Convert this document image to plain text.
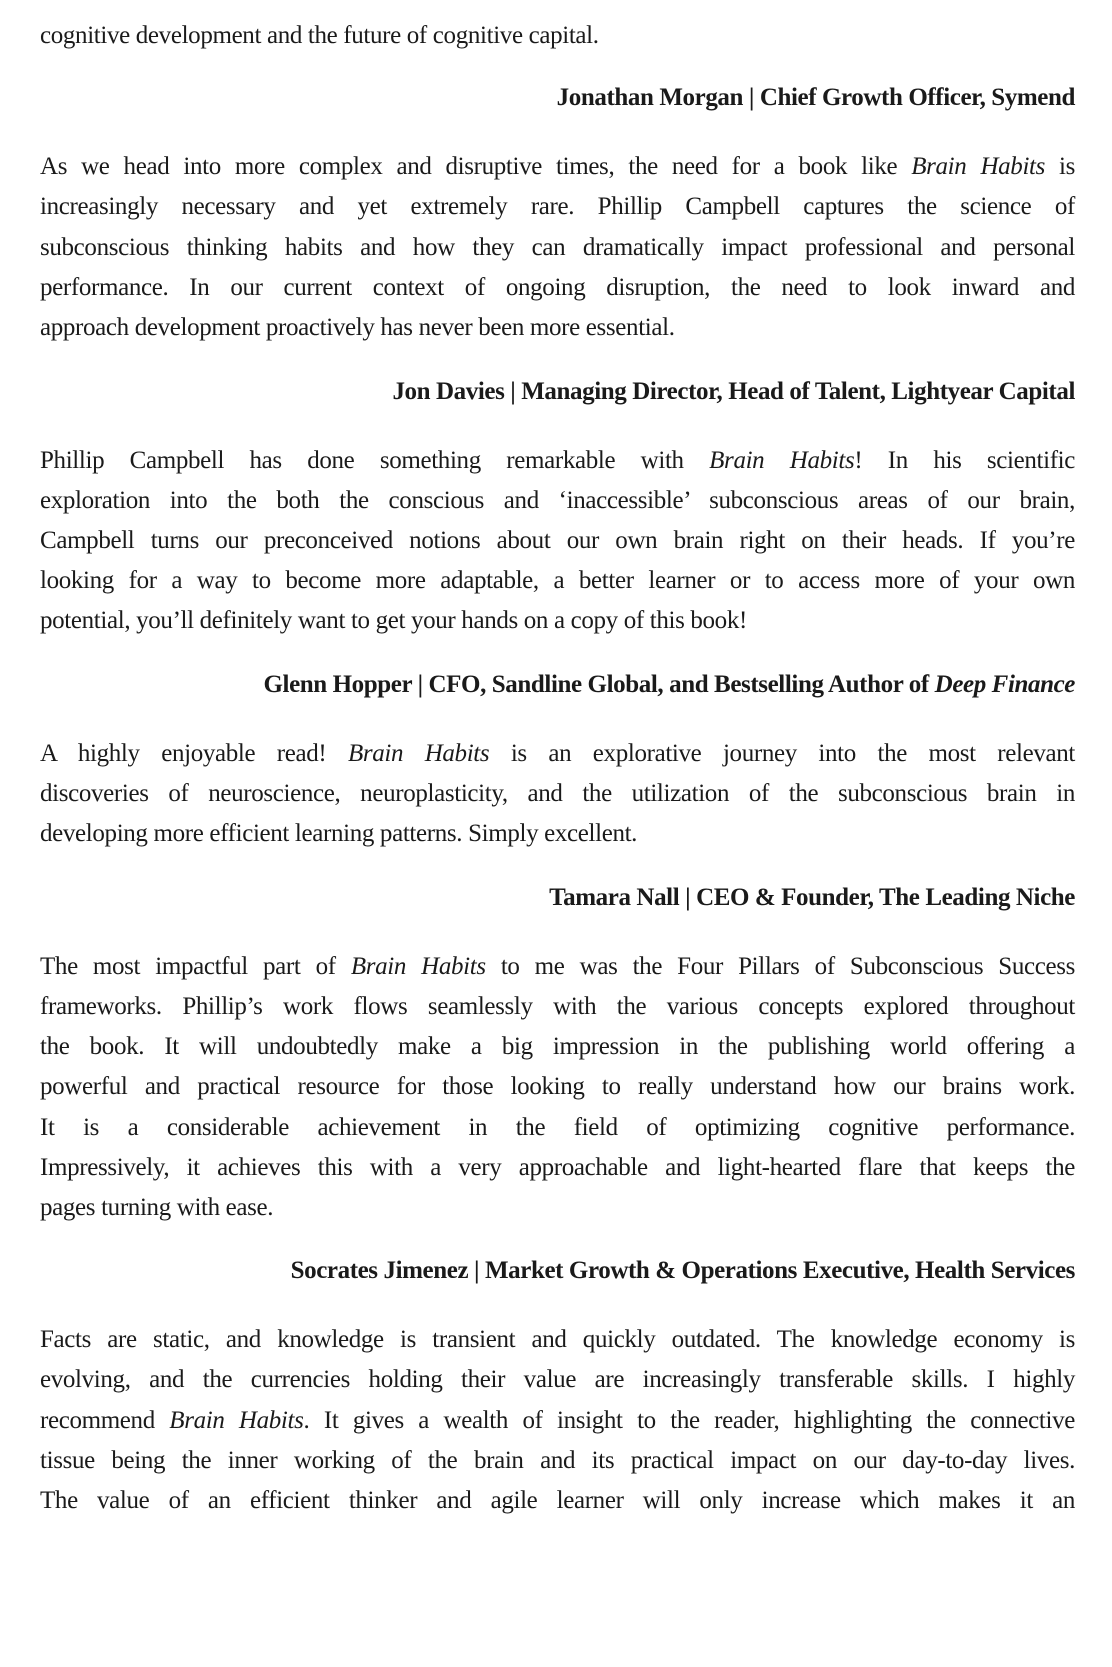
cognitive development and the future of cognitive capital.
Jonathan Morgan | Chief Growth Officer, Symend
As we head into more complex and disruptive times, the need for a book like Brain Habits is
increasingly necessary and yet extremely rare. Phillip Campbell captures the science of
subconscious thinking habits and how they can dramatically impact professional and personal
performance. In our current context of ongoing disruption, the need to look inward and
approach development proactively has never been more essential.
Jon Davies | Managing Director, Head of Talent, Lightyear Capital
Phillip Campbell has done something remarkable with Brain Habits! In his scientific
exploration into the both the conscious and ‘inaccessible’ subconscious areas of our brain,
Campbell turns our preconceived notions about our own brain right on their heads. If you’re
looking for a way to become more adaptable, a better learner or to access more of your own
potential, you’ll definitely want to get your hands on a copy of this book!
Glenn Hopper | CFO, Sandline Global, and Bestselling Author of Deep Finance
A highly enjoyable read! Brain Habits is an explorative journey into the most relevant
discoveries of neuroscience, neuroplasticity, and the utilization of the subconscious brain in
developing more efficient learning patterns. Simply excellent.
Tamara Nall | CEO & Founder, The Leading Niche
The most impactful part of Brain Habits to me was the Four Pillars of Subconscious Success
frameworks. Phillip’s work flows seamlessly with the various concepts explored throughout
the book. It will undoubtedly make a big impression in the publishing world offering a
powerful and practical resource for those looking to really understand how our brains work.
It is a considerable achievement in the field of optimizing cognitive performance.
Impressively, it achieves this with a very approachable and light-hearted flare that keeps the
pages turning with ease.
Socrates Jimenez | Market Growth & Operations Executive, Health Services
Facts are static, and knowledge is transient and quickly outdated. The knowledge economy is
evolving, and the currencies holding their value are increasingly transferable skills. I highly
recommend Brain Habits. It gives a wealth of insight to the reader, highlighting the connective
tissue being the inner working of the brain and its practical impact on our day-to-day lives.
The value of an efficient thinker and agile learner will only increase which makes it an
